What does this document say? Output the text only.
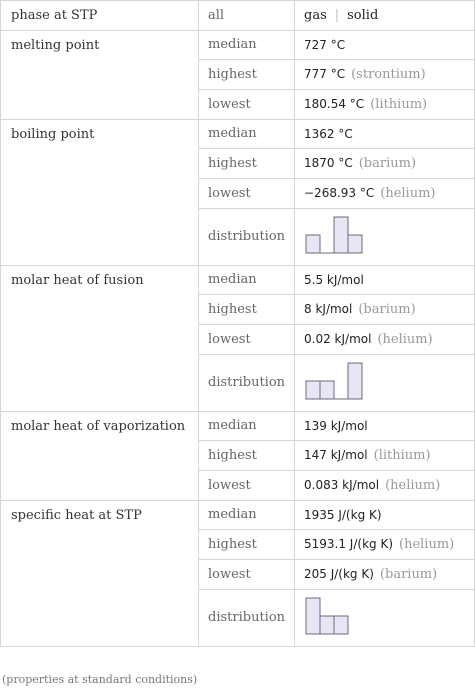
phase at STP	all	gas | solid
melting point	median	727 °C
	highest	777 °C (strontium)
	lowest	180.54 °C (lithium)
boiling point	median	1362 °C
	highest	1870 °C (barium)
	lowest	−268.93 °C (helium)
	distribution	

molar heat of fusion	median	5.5 kJ/mol
	highest	8 kJ/mol (barium)
	lowest	0.02 kJ/mol (helium)
	distribution	

molar heat of vaporization	median	139 kJ/mol
	highest	147 kJ/mol (lithium)
	lowest	0.083 kJ/mol (helium)
specific heat at STP	median	1935 J/(kg K)
	highest	5193.1 J/(kg K) (helium)
	lowest	205 J/(kg K) (barium)
	distribution	
(properties at standard conditions)
